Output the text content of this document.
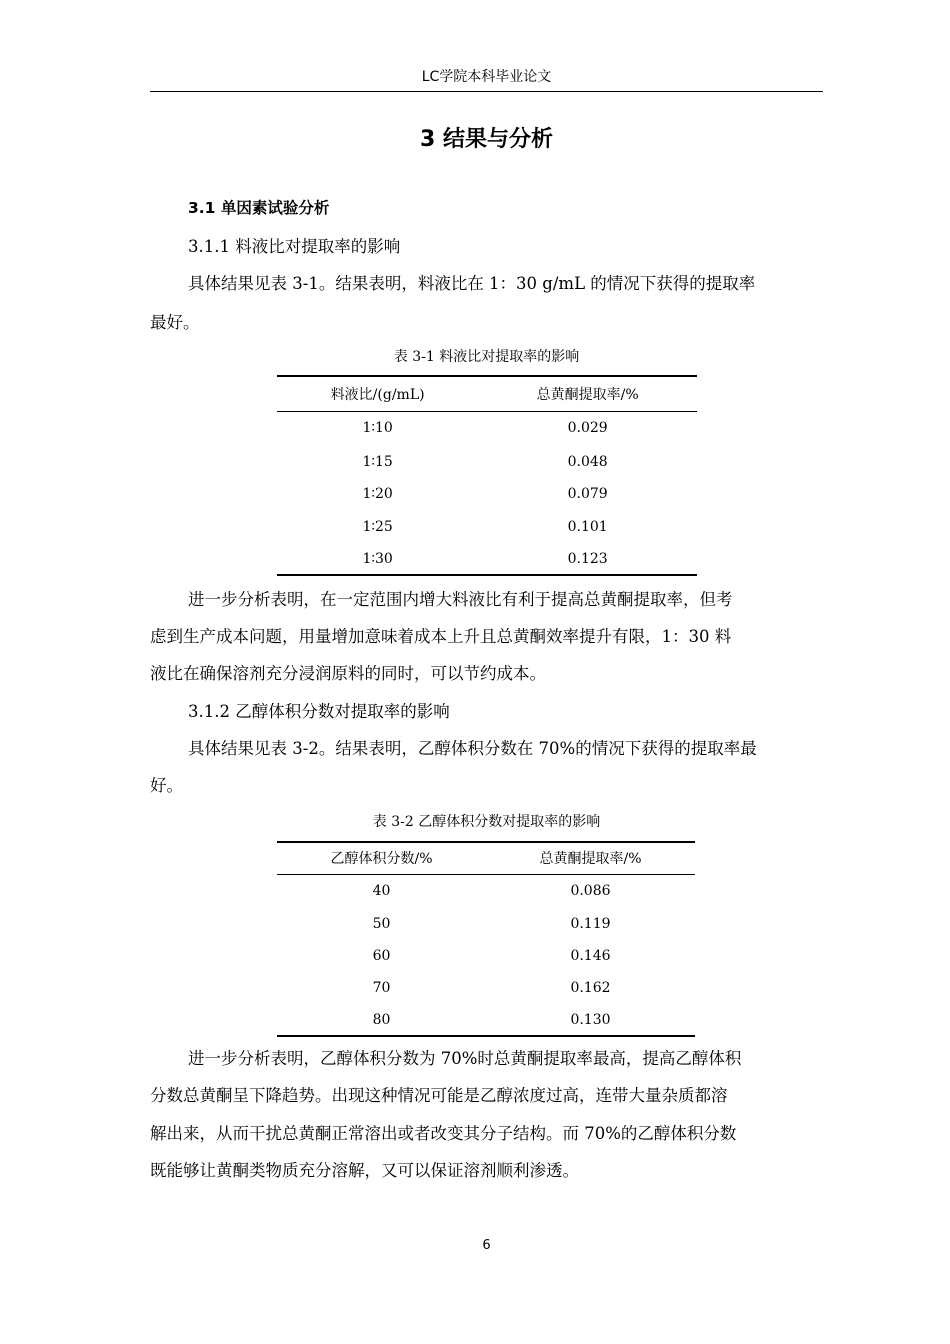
LC学院本科毕业论文
3 结果与分析
3.1 单因素试验分析
3.1.1 料液比对提取率的影响
具体结果见表 3-1。结果表明，料液比在 1：30 g/mL 的情况下获得的提取率
最好。
表 3-1 料液比对提取率的影响
料液比/(g/mL)	总黄酮提取率/%
1∶10	0.029
1∶15	0.048
1∶20	0.079
1∶25	0.101
1∶30	0.123
进一步分析表明，在一定范围内增大料液比有利于提高总黄酮提取率，但考
虑到生产成本问题，用量增加意味着成本上升且总黄酮效率提升有限，1：30 料
液比在确保溶剂充分浸润原料的同时，可以节约成本。
3.1.2 乙醇体积分数对提取率的影响
具体结果见表 3-2。结果表明，乙醇体积分数在 70%的情况下获得的提取率最
好。
表 3-2 乙醇体积分数对提取率的影响
乙醇体积分数/%	总黄酮提取率/%
40	0.086
50	0.119
60	0.146
70	0.162
80	0.130
进一步分析表明，乙醇体积分数为 70%时总黄酮提取率最高，提高乙醇体积
分数总黄酮呈下降趋势。出现这种情况可能是乙醇浓度过高，连带大量杂质都溶
解出来，从而干扰总黄酮正常溶出或者改变其分子结构。而 70%的乙醇体积分数
既能够让黄酮类物质充分溶解，又可以保证溶剂顺利渗透。
6
